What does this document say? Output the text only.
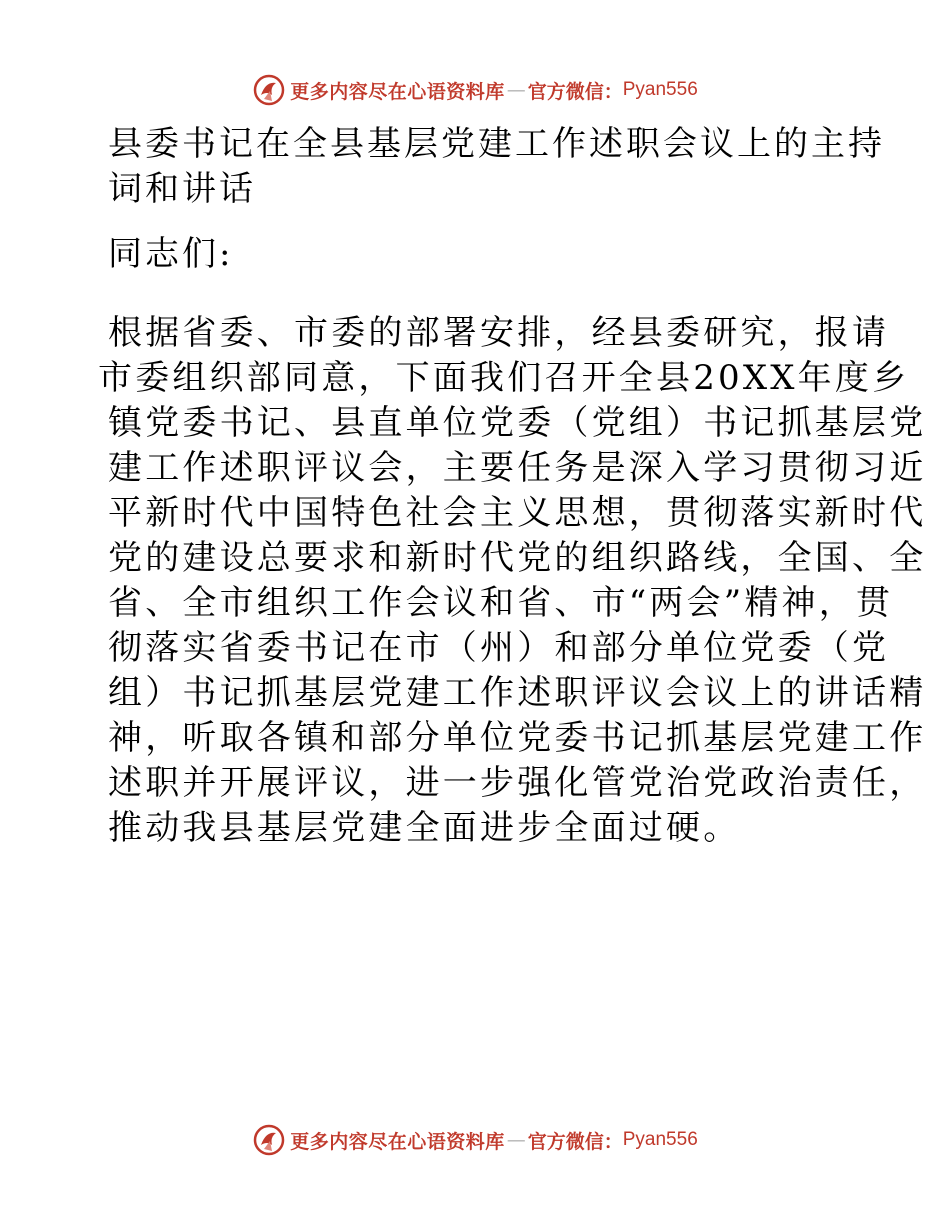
更多内容尽在心语资料库 — 官方微信： Pyan556
县委书记在全县基层党建工作述职会议上的主持
词和讲话

同志们:

根据省委、市委的部署安排，经县委研究，报请
市委组织部同意，下面我们召开全县20XX年度乡
镇党委书记、县直单位党委（党组）书记抓基层党
建工作述职评议会，主要任务是深入学习贯彻习近
平新时代中国特色社会主义思想，贯彻落实新时代
党的建设总要求和新时代党的组织路线，全国、全
省、全市组织工作会议和省、市“两会”精神，贯
彻落实省委书记在市（州）和部分单位党委（党
组）书记抓基层党建工作述职评议会议上的讲话精
神，听取各镇和部分单位党委书记抓基层党建工作
述职并开展评议，进一步强化管党治党政治责任，
推动我县基层党建全面进步全面过硬。

更多内容尽在心语资料库 — 官方微信： Pyan556
